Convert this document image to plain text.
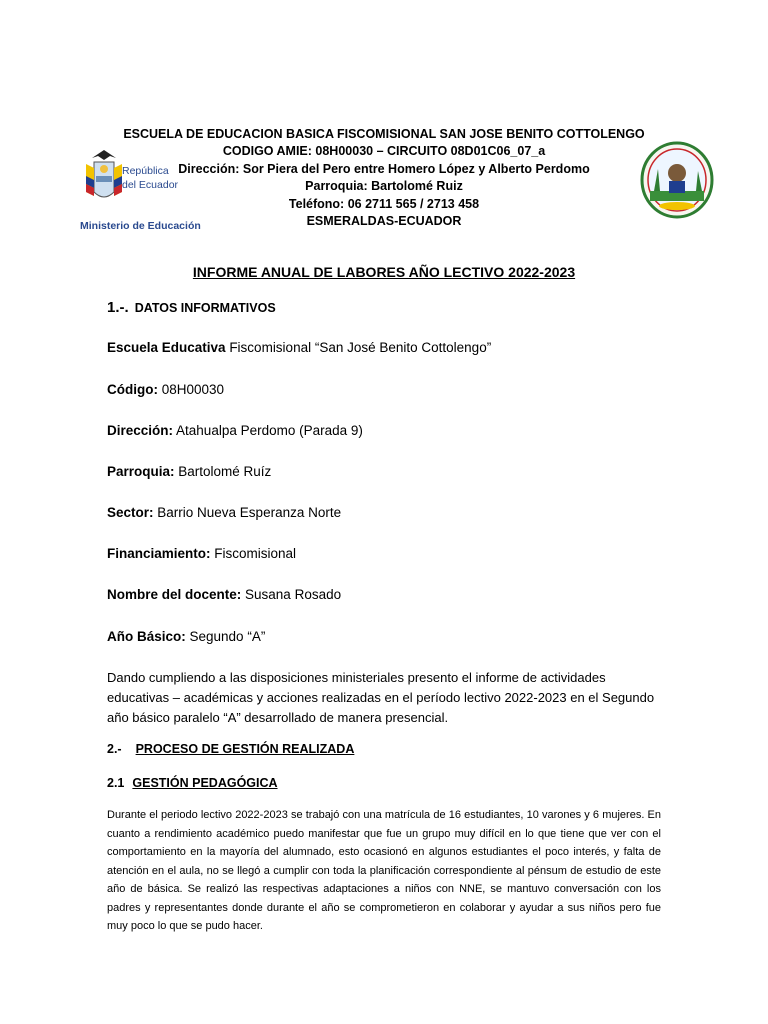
República
del Ecuador
Ministerio de Educación
ESCUELA DE EDUCACION BASICA FISCOMISIONAL SAN JOSE BENITO COTTOLENGO
CODIGO AMIE: 08H00030 – CIRCUITO 08D01C06_07_a
Dirección: Sor Piera del Pero entre Homero López y Alberto Perdomo
Parroquia: Bartolomé Ruiz
Teléfono: 06 2711 565 / 2713 458
ESMERALDAS-ECUADOR
INFORME ANUAL DE LABORES AÑO LECTIVO 2022-2023
1.-. DATOS INFORMATIVOS
Escuela Educativa Fiscomisional “San José Benito Cottolengo”
Código: 08H00030
Dirección: Atahualpa Perdomo (Parada 9)
Parroquia: Bartolomé Ruíz
Sector: Barrio Nueva Esperanza Norte
Financiamiento: Fiscomisional
Nombre del docente: Susana Rosado
Año Básico: Segundo “A”
Dando cumpliendo a las disposiciones ministeriales presento el informe de actividades educativas – académicas y acciones realizadas en el período lectivo 2022-2023 en el Segundo año básico paralelo “A” desarrollado de manera presencial.
2.- PROCESO DE GESTIÓN REALIZADA
2.1 GESTIÓN PEDAGÓGICA
Durante el periodo lectivo 2022-2023 se trabajó con una matrícula de 16 estudiantes, 10 varones y 6 mujeres. En cuanto a rendimiento académico puedo manifestar que fue un grupo muy difícil en lo que tiene que ver con el comportamiento en la mayoría del alumnado, esto ocasionó en algunos estudiantes el poco interés, y falta de atención en el aula, no se llegó a cumplir con toda la planificación correspondiente al pénsum de estudio de este año de básica. Se realizó las respectivas adaptaciones a niños con NNE, se mantuvo conversación con los padres y representantes donde durante el año se comprometieron en colaborar y ayudar a sus niños pero fue muy poco lo que se pudo hacer.
